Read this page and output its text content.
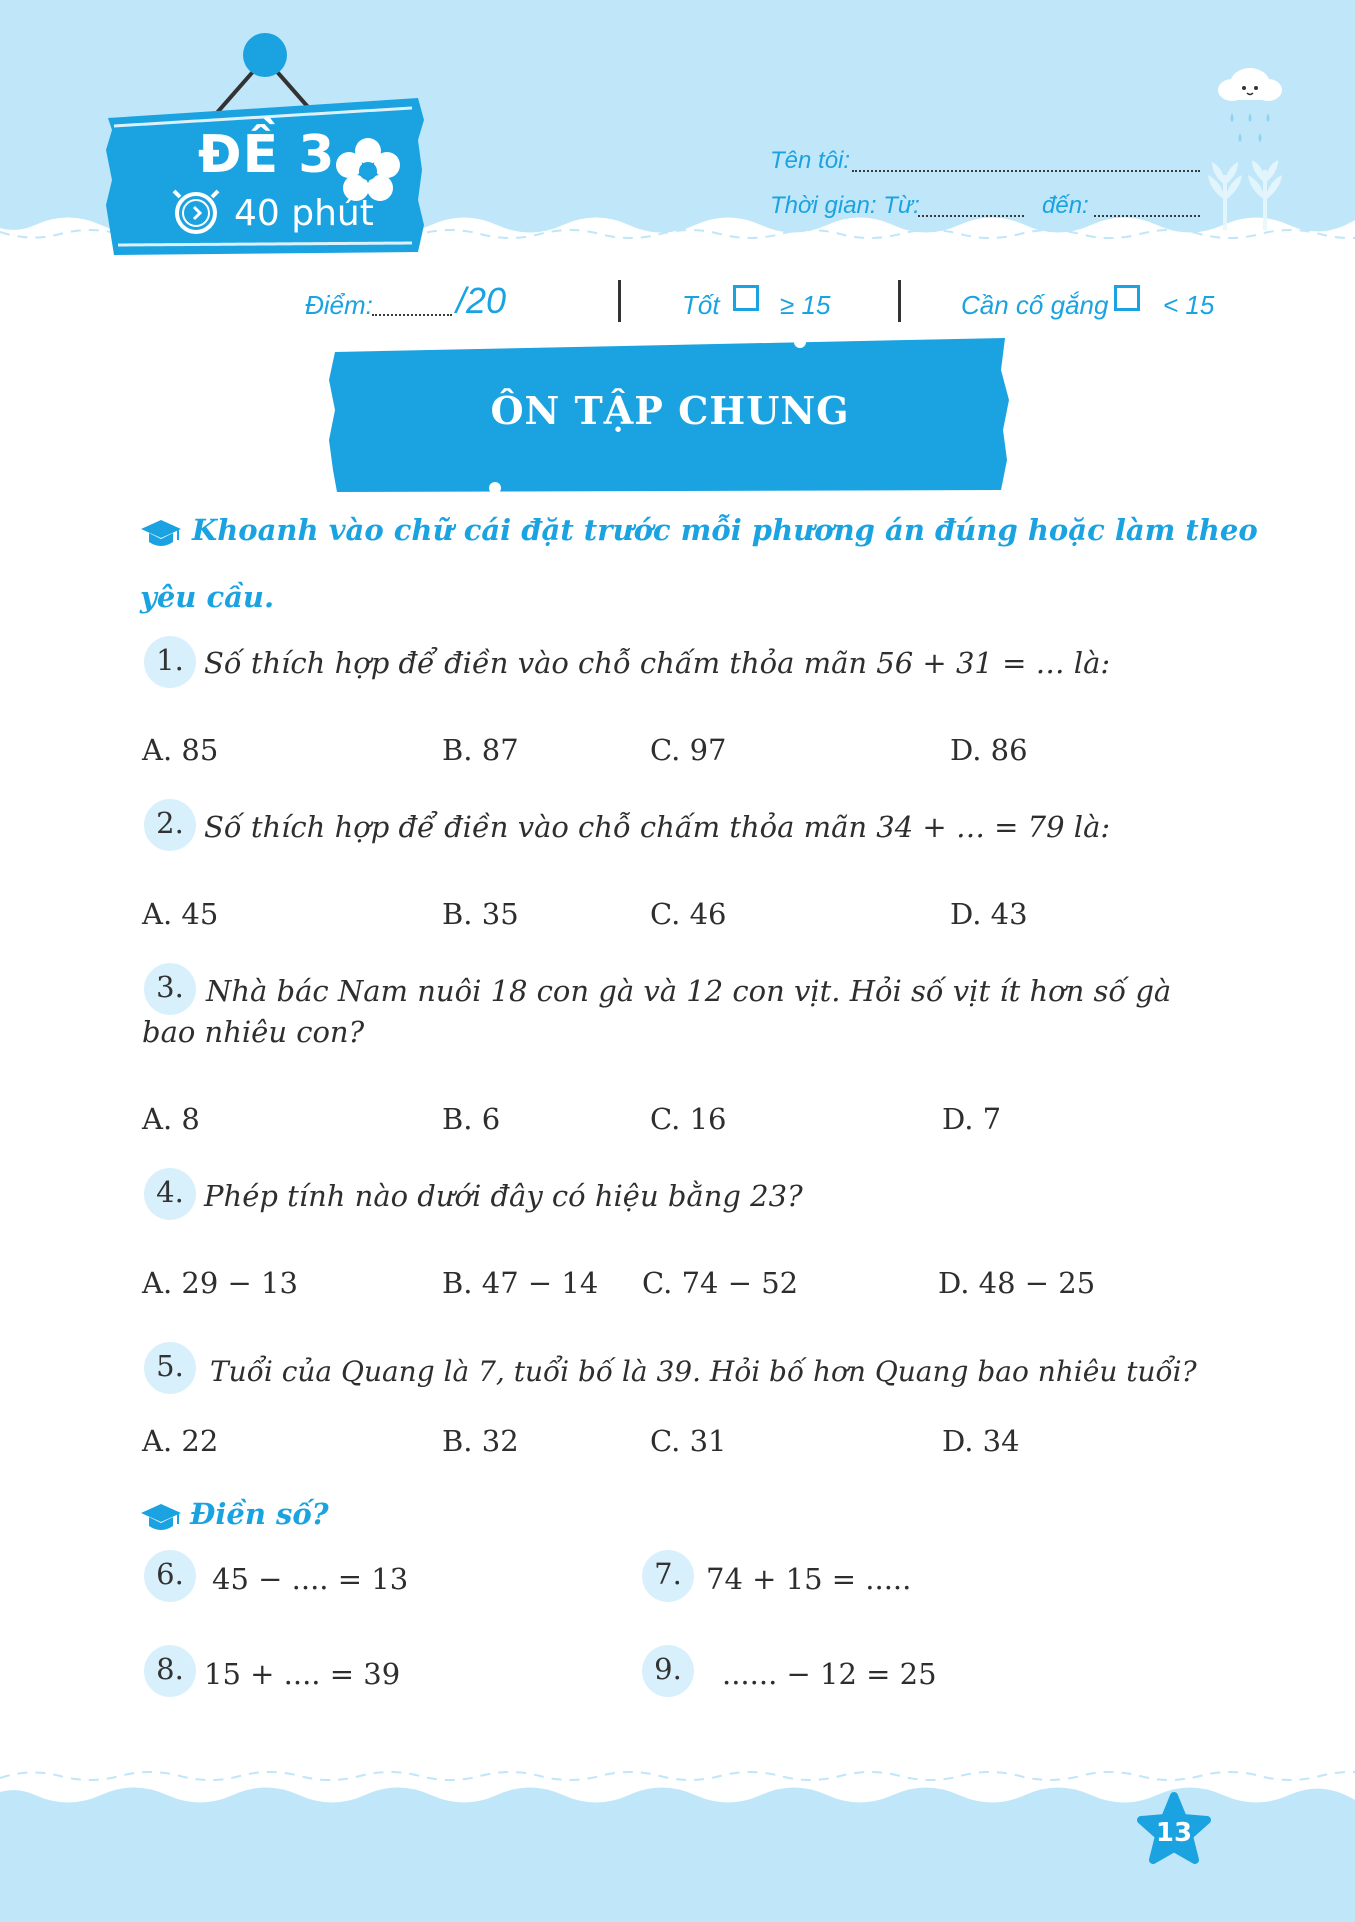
ĐỀ 3
40 phút
Tên tôi:
Thời gian: Từ:	đến:
Điểm: /20	Tốt ≥ 15	Cần cố gắng < 15
ÔN TẬP CHUNG
Khoanh vào chữ cái đặt trước mỗi phương án đúng hoặc làm theo
yêu cầu.
1. Số thích hợp để điền vào chỗ chấm thỏa mãn 56 + 31 = … là:
A. 85	B. 87	C. 97	D. 86
2. Số thích hợp để điền vào chỗ chấm thỏa mãn 34 + … = 79 là:
A. 45	B. 35	C. 46	D. 43
3. Nhà bác Nam nuôi 18 con gà và 12 con vịt. Hỏi số vịt ít hơn số gà
bao nhiêu con?
A. 8	B. 6	C. 16	D. 7
4. Phép tính nào dưới đây có hiệu bằng 23?
A. 29 − 13	B. 47 − 14 C. 74 − 52	D. 48 − 25
5. Tuổi của Quang là 7, tuổi bố là 39. Hỏi bố hơn Quang bao nhiêu tuổi?
A. 22	B. 32	C. 31	D. 34
Điền số?
6. 45 − .... = 13	7. 74 + 15 = .....
8. 15 + .... = 39	9.	...... − 12 = 25
13
